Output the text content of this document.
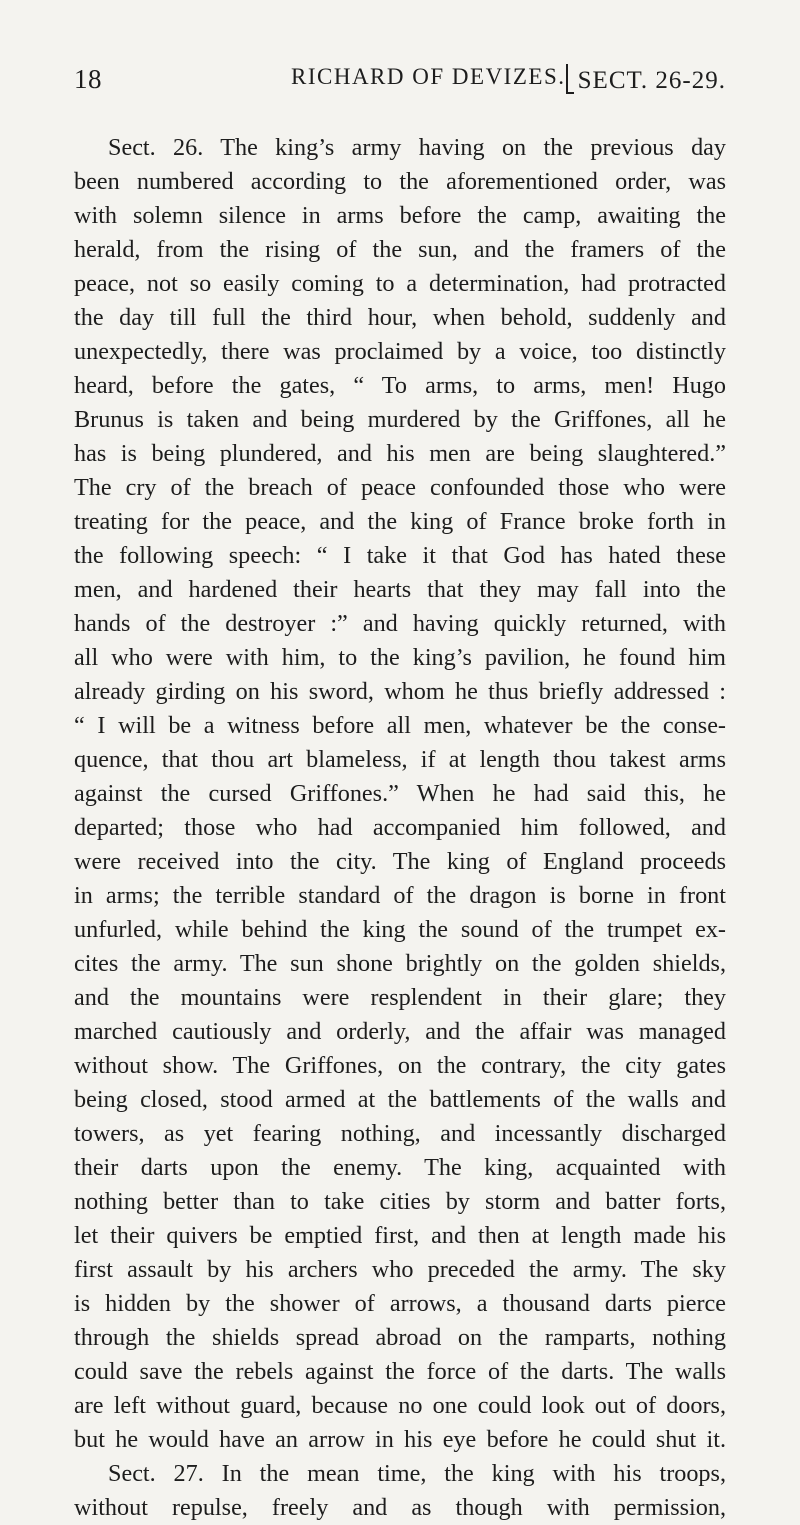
18	RICHARD OF DEVIZES. SECT. 26-29.
Sect. 26. The king’s army having on the previous day
been numbered according to the aforementioned order, was
with solemn silence in arms before the camp, awaiting the
herald, from the rising of the sun, and the framers of the
peace, not so easily coming to a determination, had protracted
the day till full the third hour, when behold, suddenly and
unexpectedly, there was proclaimed by a voice, too distinctly
heard, before the gates, “ To arms, to arms, men! Hugo
Brunus is taken and being murdered by the Griffones, all he
has is being plundered, and his men are being slaughtered.”
The cry of the breach of peace confounded those who were
treating for the peace, and the king of France broke forth in
the following speech: “ I take it that God has hated these
men, and hardened their hearts that they may fall into the
hands of the destroyer :” and having quickly returned, with
all who were with him, to the king’s pavilion, he found him
already girding on his sword, whom he thus briefly addressed :
“ I will be a witness before all men, whatever be the conse-
quence, that thou art blameless, if at length thou takest arms
against the cursed Griffones.” When he had said this, he
departed; those who had accompanied him followed, and
were received into the city. The king of England proceeds
in arms; the terrible standard of the dragon is borne in front
unfurled, while behind the king the sound of the trumpet ex-
cites the army. The sun shone brightly on the golden shields,
and the mountains were resplendent in their glare; they
marched cautiously and orderly, and the affair was managed
without show. The Griffones, on the contrary, the city gates
being closed, stood armed at the battlements of the walls and
towers, as yet fearing nothing, and incessantly discharged
their darts upon the enemy. The king, acquainted with
nothing better than to take cities by storm and batter forts,
let their quivers be emptied first, and then at length made his
first assault by his archers who preceded the army. The sky
is hidden by the shower of arrows, a thousand darts pierce
through the shields spread abroad on the ramparts, nothing
could save the rebels against the force of the darts. The walls
are left without guard, because no one could look out of doors,
but he would have an arrow in his eye before he could shut it.
Sect. 27. In the mean time, the king with his troops,
without repulse, freely and as though with permission,
